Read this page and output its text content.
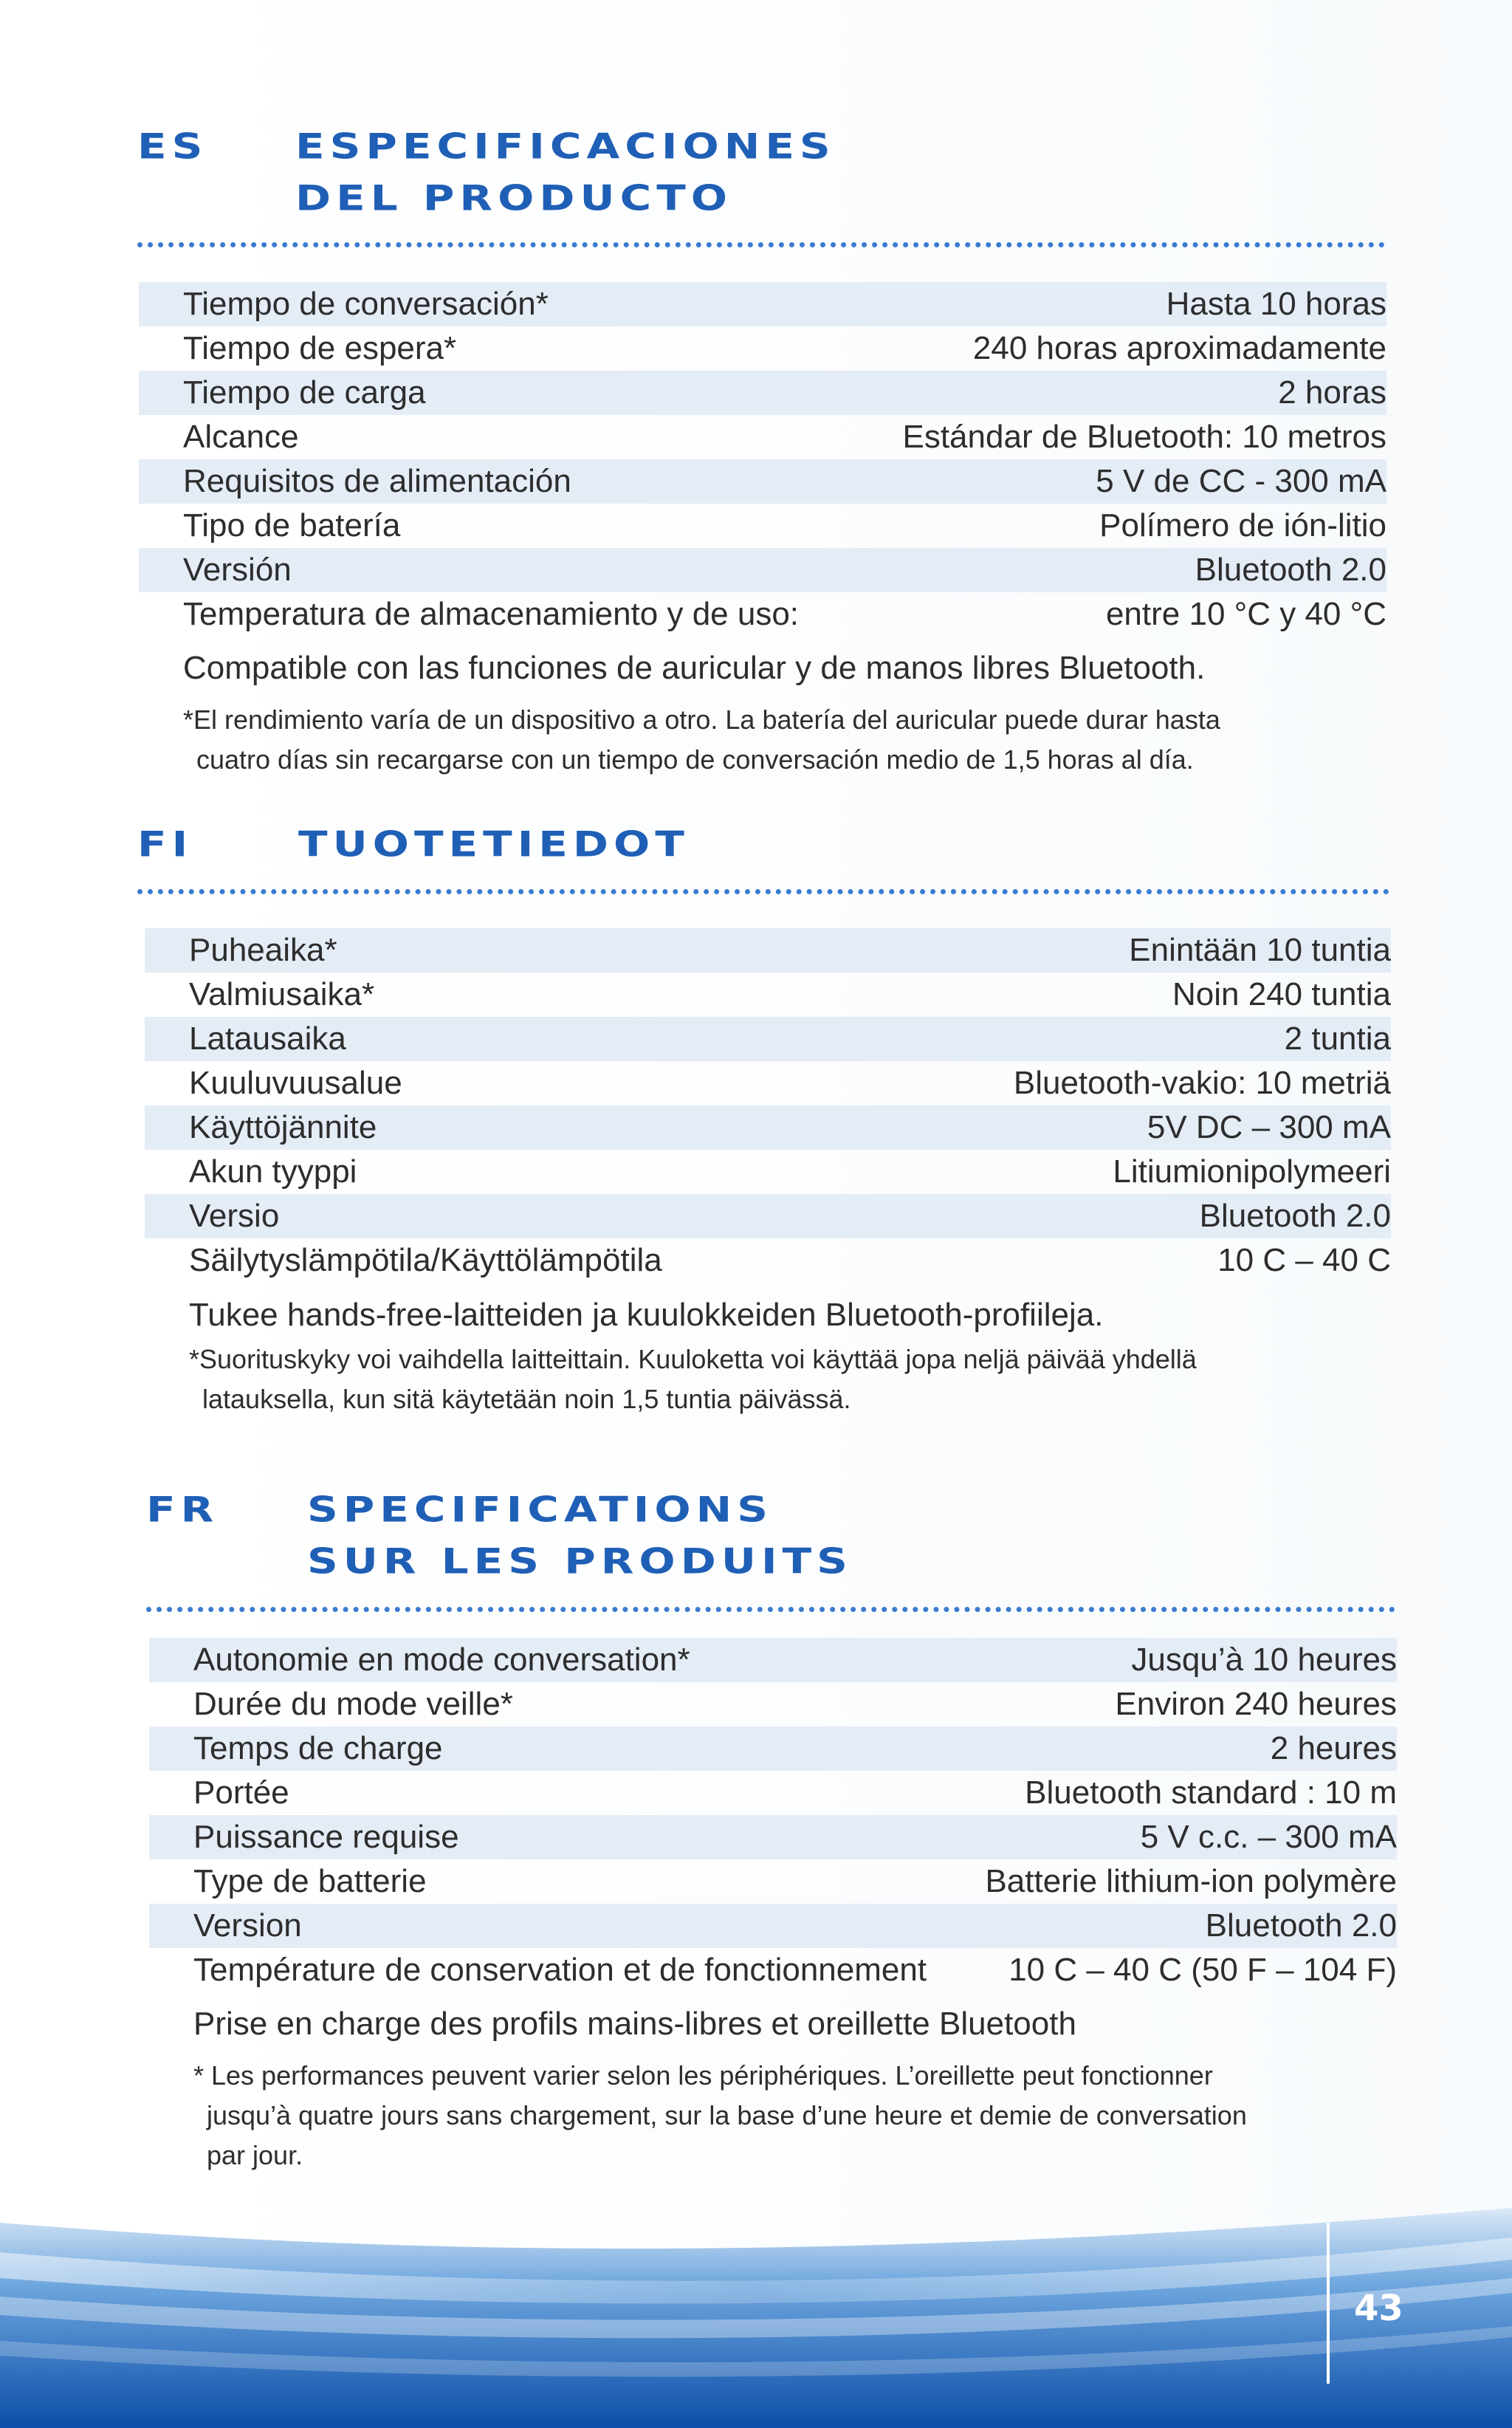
ES ESPECIFICACIONES
DEL PRODUCTO
Tiempo de conversación*	Hasta 10 horas
Tiempo de espera*	240 horas aproximadamente
Tiempo de carga	2 horas
Alcance	Estándar de Bluetooth: 10 metros
Requisitos de alimentación	5 V de CC - 300 mA
Tipo de batería	Polímero de ión-litio
Versión	Bluetooth 2.0
Temperatura de almacenamiento y de uso:	entre 10 °C y 40 °C
Compatible con las funciones de auricular y de manos libres Bluetooth.
*El rendimiento varía de un dispositivo a otro. La batería del auricular puede durar hasta
cuatro días sin recargarse con un tiempo de conversación medio de 1,5 horas al día.
FI TUOTETIEDOT
Puheaika*	Enintään 10 tuntia
Valmiusaika*	Noin 240 tuntia
Latausaika	2 tuntia
Kuuluvuusalue	Bluetooth-vakio: 10 metriä
Käyttöjännite	5V DC – 300 mA
Akun tyyppi	Litiumionipolymeeri
Versio	Bluetooth 2.0
Säilytyslämpötila/Käyttölämpötila	10 C – 40 C
Tukee hands-free-laitteiden ja kuulokkeiden Bluetooth-profiileja.
*Suorituskyky voi vaihdella laitteittain. Kuuloketta voi käyttää jopa neljä päivää yhdellä
latauksella, kun sitä käytetään noin 1,5 tuntia päivässä.
FR SPECIFICATIONS
SUR LES PRODUITS
Autonomie en mode conversation*	Jusqu’à 10 heures
Durée du mode veille*	Environ 240 heures
Temps de charge	2 heures
Portée	Bluetooth standard : 10 m
Puissance requise	5 V c.c. – 300 mA
Type de batterie	Batterie lithium-ion polymère
Version	Bluetooth 2.0
Température de conservation et de fonctionnement	10 C – 40 C (50 F – 104 F)
Prise en charge des profils mains-libres et oreillette Bluetooth
* Les performances peuvent varier selon les périphériques. L’oreillette peut fonctionner
jusqu’à quatre jours sans chargement, sur la base d’une heure et demie de conversation
par jour.
43
